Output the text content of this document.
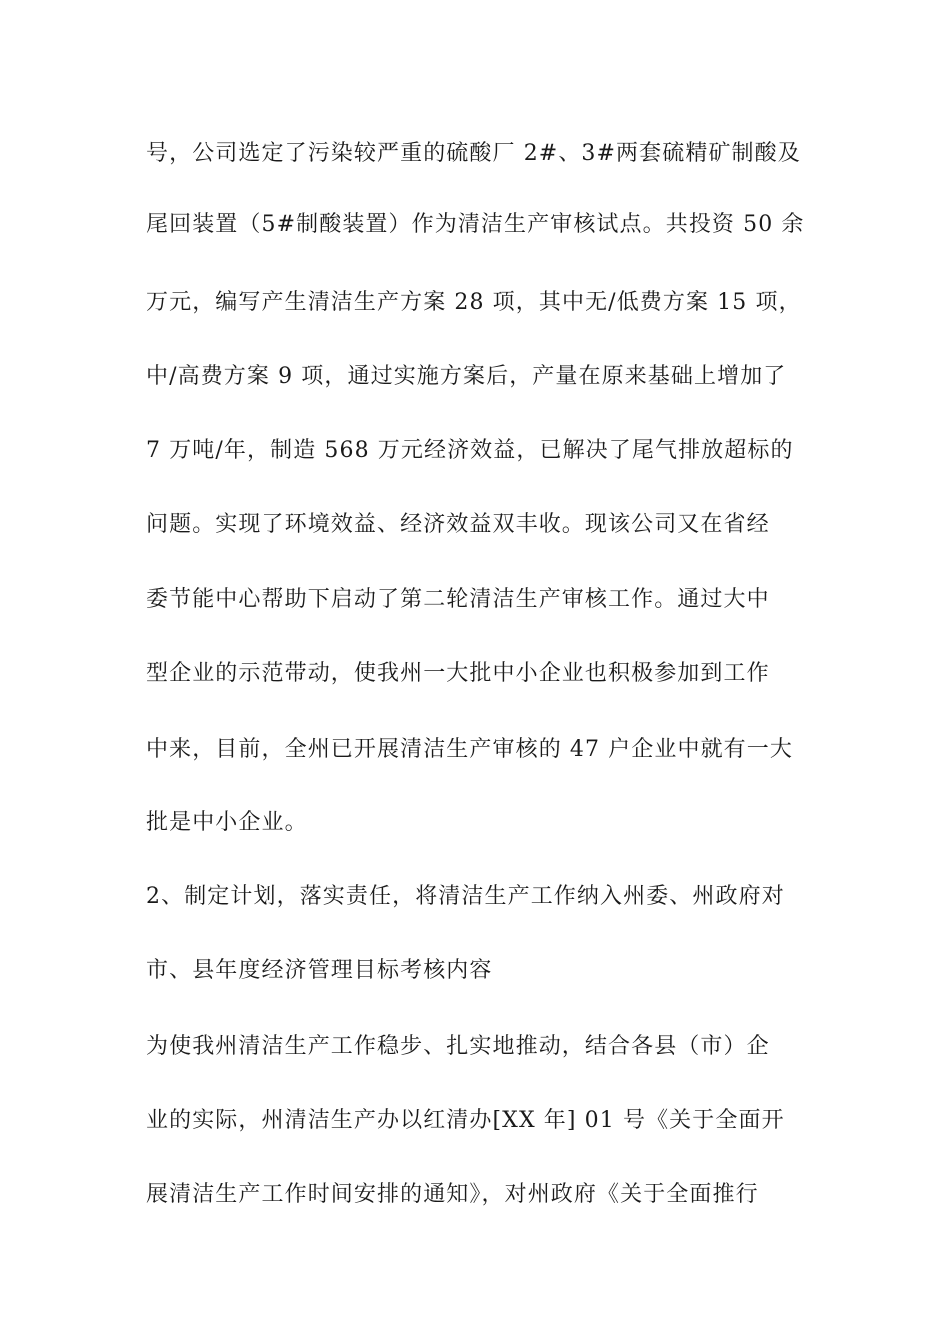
号，公司选定了污染较严重的硫酸厂 2#、3#两套硫精矿制酸及
尾回装置（5#制酸装置）作为清洁生产审核试点。共投资 50 余
万元，编写产生清洁生产方案 28 项，其中无/低费方案 15 项，
中/高费方案 9 项，通过实施方案后，产量在原来基础上增加了
7 万吨/年，制造 568 万元经济效益，已解决了尾气排放超标的
问题。实现了环境效益、经济效益双丰收。现该公司又在省经
委节能中心帮助下启动了第二轮清洁生产审核工作。通过大中
型企业的示范带动，使我州一大批中小企业也积极参加到工作
中来，目前，全州已开展清洁生产审核的 47 户企业中就有一大
批是中小企业。
2、制定计划，落实责任，将清洁生产工作纳入州委、州政府对
市、县年度经济管理目标考核内容
为使我州清洁生产工作稳步、扎实地推动，结合各县（市）企
业的实际，州清洁生产办以红清办[XX 年] 01 号《关于全面开
展清洁生产工作时间安排的通知》，对州政府《关于全面推行
